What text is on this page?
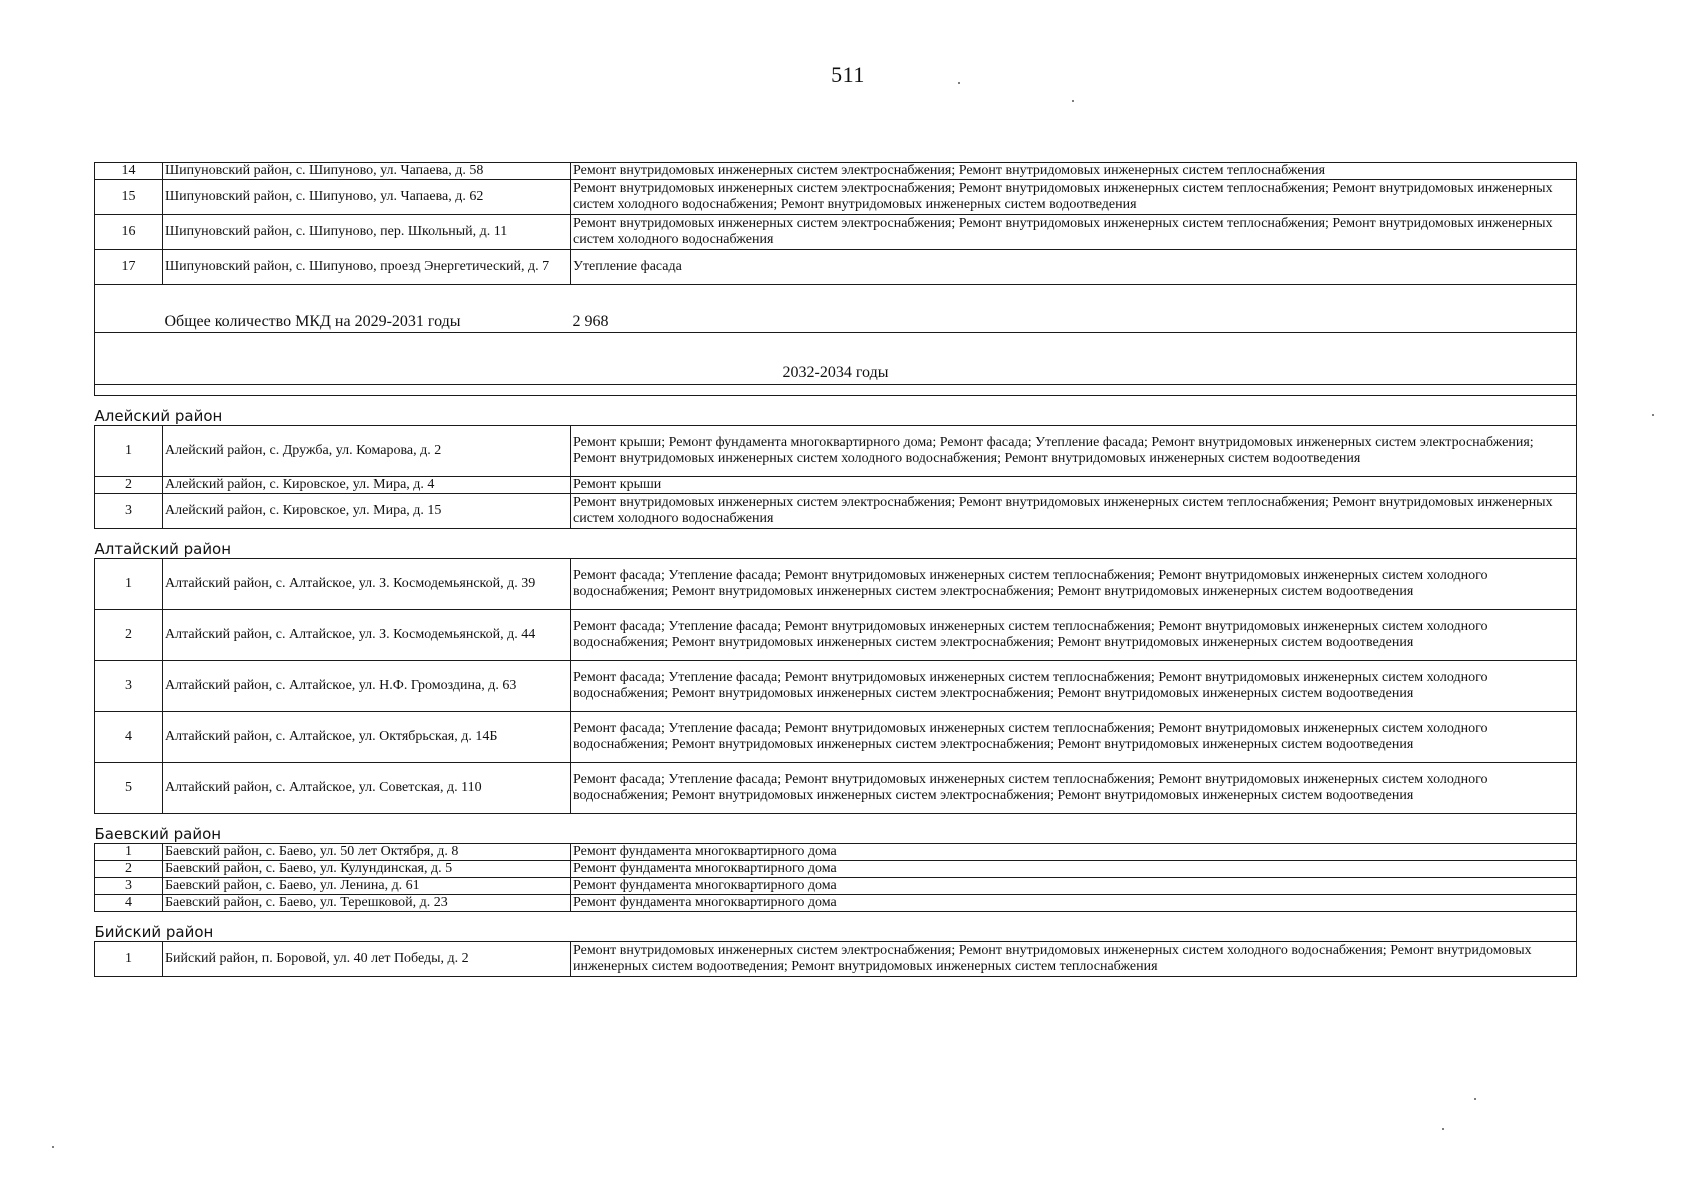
511
14	Шипуновский район, с. Шипуново, ул. Чапаева, д. 58	Ремонт внутридомовых инженерных систем электроснабжения; Ремонт внутридомовых инженерных систем теплоснабжения
15	Шипуновский район, с. Шипуново, ул. Чапаева, д. 62	Ремонт внутридомовых инженерных систем электроснабжения; Ремонт внутридомовых инженерных систем теплоснабжения; Ремонт внутридомовых инженерных систем холодного водоснабжения; Ремонт внутридомовых инженерных систем водоотведения
16	Шипуновский район, с. Шипуново, пер. Школьный, д. 11	Ремонт внутридомовых инженерных систем электроснабжения; Ремонт внутридомовых инженерных систем теплоснабжения; Ремонт внутридомовых инженерных систем холодного водоснабжения
17	Шипуновский район, с. Шипуново, проезд Энергетический, д. 7	Утепление фасада
	Общее количество МКД на 2029-2031 годы	2 968
2032-2034 годы		

Алейский район		
1	Алейский район, с. Дружба, ул. Комарова, д. 2	Ремонт крыши; Ремонт фундамента многоквартирного дома; Ремонт фасада; Утепление фасада; Ремонт внутридомовых инженерных систем электроснабжения; Ремонт внутридомовых инженерных систем холодного водоснабжения; Ремонт внутридомовых инженерных систем водоотведения
2	Алейский район, с. Кировское, ул. Мира, д. 4	Ремонт крыши
3	Алейский район, с. Кировское, ул. Мира, д. 15	Ремонт внутридомовых инженерных систем электроснабжения; Ремонт внутридомовых инженерных систем теплоснабжения; Ремонт внутридомовых инженерных систем холодного водоснабжения
Алтайский район		
1	Алтайский район, с. Алтайское, ул. З. Космодемьянской, д. 39	Ремонт фасада; Утепление фасада; Ремонт внутридомовых инженерных систем теплоснабжения; Ремонт внутридомовых инженерных систем холодного водоснабжения; Ремонт внутридомовых инженерных систем электроснабжения; Ремонт внутридомовых инженерных систем водоотведения
2	Алтайский район, с. Алтайское, ул. З. Космодемьянской, д. 44	Ремонт фасада; Утепление фасада; Ремонт внутридомовых инженерных систем теплоснабжения; Ремонт внутридомовых инженерных систем холодного водоснабжения; Ремонт внутридомовых инженерных систем электроснабжения; Ремонт внутридомовых инженерных систем водоотведения
3	Алтайский район, с. Алтайское, ул. Н.Ф. Громоздина, д. 63	Ремонт фасада; Утепление фасада; Ремонт внутридомовых инженерных систем теплоснабжения; Ремонт внутридомовых инженерных систем холодного водоснабжения; Ремонт внутридомовых инженерных систем электроснабжения; Ремонт внутридомовых инженерных систем водоотведения
4	Алтайский район, с. Алтайское, ул. Октябрьская, д. 14Б	Ремонт фасада; Утепление фасада; Ремонт внутридомовых инженерных систем теплоснабжения; Ремонт внутридомовых инженерных систем холодного водоснабжения; Ремонт внутридомовых инженерных систем электроснабжения; Ремонт внутридомовых инженерных систем водоотведения
5	Алтайский район, с. Алтайское, ул. Советская, д. 110	Ремонт фасада; Утепление фасада; Ремонт внутридомовых инженерных систем теплоснабжения; Ремонт внутридомовых инженерных систем холодного водоснабжения; Ремонт внутридомовых инженерных систем электроснабжения; Ремонт внутридомовых инженерных систем водоотведения
Баевский район		
1	Баевский район, с. Баево, ул. 50 лет Октября, д. 8	Ремонт фундамента многоквартирного дома
2	Баевский район, с. Баево, ул. Кулундинская, д. 5	Ремонт фундамента многоквартирного дома
3	Баевский район, с. Баево, ул. Ленина, д. 61	Ремонт фундамента многоквартирного дома
4	Баевский район, с. Баево, ул. Терешковой, д. 23	Ремонт фундамента многоквартирного дома
Бийский район		
1	Бийский район, п. Боровой, ул. 40 лет Победы, д. 2	Ремонт внутридомовых инженерных систем электроснабжения; Ремонт внутридомовых инженерных систем холодного водоснабжения; Ремонт внутридомовых инженерных систем водоотведения; Ремонт внутридомовых инженерных систем теплоснабжения
